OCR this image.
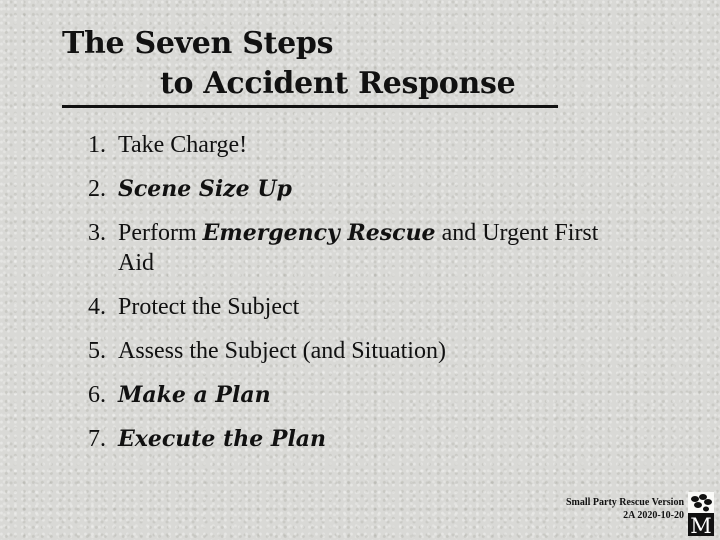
The Seven Steps
to Accident Response
1. Take Charge!
2. Scene Size Up
3. Perform Emergency Rescue and Urgent First Aid
4. Protect the Subject
5. Assess the Subject (and Situation)
6. Make a Plan
7. Execute the Plan
Small Party Rescue Version
2A 2020-10-20 M
